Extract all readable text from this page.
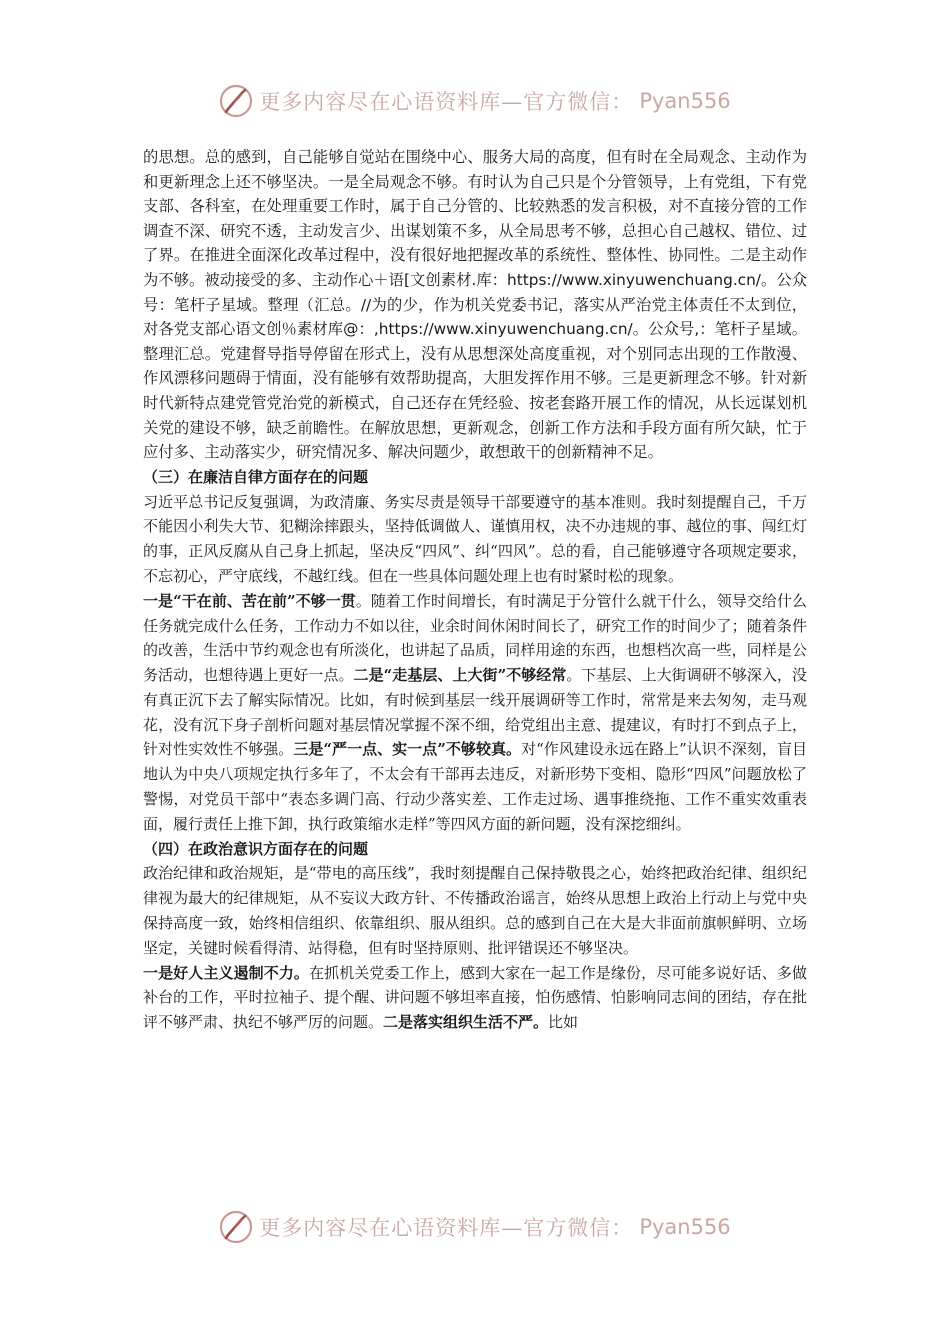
更多内容尽在心语资料库—官方微信： Pyan556

的思想。总的感到，自己能够自觉站在围绕中心、服务大局的高度，但有时在全局观念、主动作为和更新理念上还不够坚决。一是全局观念不够。有时认为自己只是个分管领导，上有党组，下有党支部、各科室，在处理重要工作时，属于自己分管的、比较熟悉的发言积极，对不直接分管的工作调查不深、研究不透，主动发言少、出谋划策不多，从全局思考不够，总担心自己越权、错位、过了界。在推进全面深化改革过程中，没有很好地把握改革的系统性、整体性、协同性。二是主动作为不够。被动接受的多、主动作心＋语[文创素材.库：https://www.xinyuwenchuang.cn/。公众号：笔杆子星域。整理（汇总。//为的少，作为机关党委书记，落实从严治党主体责任不太到位，对各党支部心语文创％素材库@：,https://www.xinyuwenchuang.cn/。公众号,：笔杆子星域。整理汇总。党建督导指导停留在形式上，没有从思想深处高度重视，对个别同志出现的工作散漫、作风漂移问题碍于情面，没有能够有效帮助提高，大胆发挥作用不够。三是更新理念不够。针对新时代新特点建党管党治党的新模式，自己还存在凭经验、按老套路开展工作的情况，从长远谋划机关党的建设不够，缺乏前瞻性。在解放思想，更新观念，创新工作方法和手段方面有所欠缺，忙于应付多、主动落实少，研究情况多、解决问题少，敢想敢干的创新精神不足。

（三）在廉洁自律方面存在的问题

习近平总书记反复强调，为政清廉、务实尽责是领导干部要遵守的基本准则。我时刻提醒自己，千万不能因小利失大节、犯糊涂摔跟头，坚持低调做人、谨慎用权，决不办违规的事、越位的事、闯红灯的事，正风反腐从自己身上抓起，坚决反“四风”、纠“四风”。总的看，自己能够遵守各项规定要求，不忘初心，严守底线，不越红线。但在一些具体问题处理上也有时紧时松的现象。

一是“干在前、苦在前”不够一贯。随着工作时间增长，有时满足于分管什么就干什么，领导交给什么任务就完成什么任务，工作动力不如以往，业余时间休闲时间长了，研究工作的时间少了；随着条件的改善，生活中节约观念也有所淡化，也讲起了品质，同样用途的东西，也想档次高一些，同样是公务活动，也想待遇上更好一点。二是“走基层、上大街”不够经常。下基层、上大街调研不够深入，没有真正沉下去了解实际情况。比如，有时候到基层一线开展调研等工作时，常常是来去匆匆，走马观花，没有沉下身子剖析问题对基层情况掌握不深不细，给党组出主意、提建议，有时打不到点子上，针对性实效性不够强。三是“严一点、实一点”不够较真。对“作风建设永远在路上”认识不深刻，盲目地认为中央八项规定执行多年了，不太会有干部再去违反，对新形势下变相、隐形“四风”问题放松了警惕，对党员干部中“表态多调门高、行动少落实差、工作走过场、遇事推绕拖、工作不重实效重表面，履行责任上推下卸，执行政策缩水走样”等四风方面的新问题，没有深挖细纠。

（四）在政治意识方面存在的问题

政治纪律和政治规矩，是“带电的高压线”，我时刻提醒自己保持敬畏之心，始终把政治纪律、组织纪律视为最大的纪律规矩，从不妄议大政方针、不传播政治谣言，始终从思想上政治上行动上与党中央保持高度一致，始终相信组织、依靠组织、服从组织。总的感到自己在大是大非面前旗帜鲜明、立场坚定，关键时候看得清、站得稳，但有时坚持原则、批评错误还不够坚决。

一是好人主义遏制不力。在抓机关党委工作上，感到大家在一起工作是缘份，尽可能多说好话、多做补台的工作，平时拉袖子、提个醒、讲问题不够坦率直接，怕伤感情、怕影响同志间的团结，存在批评不够严肃、执纪不够严厉的问题。二是落实组织生活不严。比如

更多内容尽在心语资料库—官方微信： Pyan556
